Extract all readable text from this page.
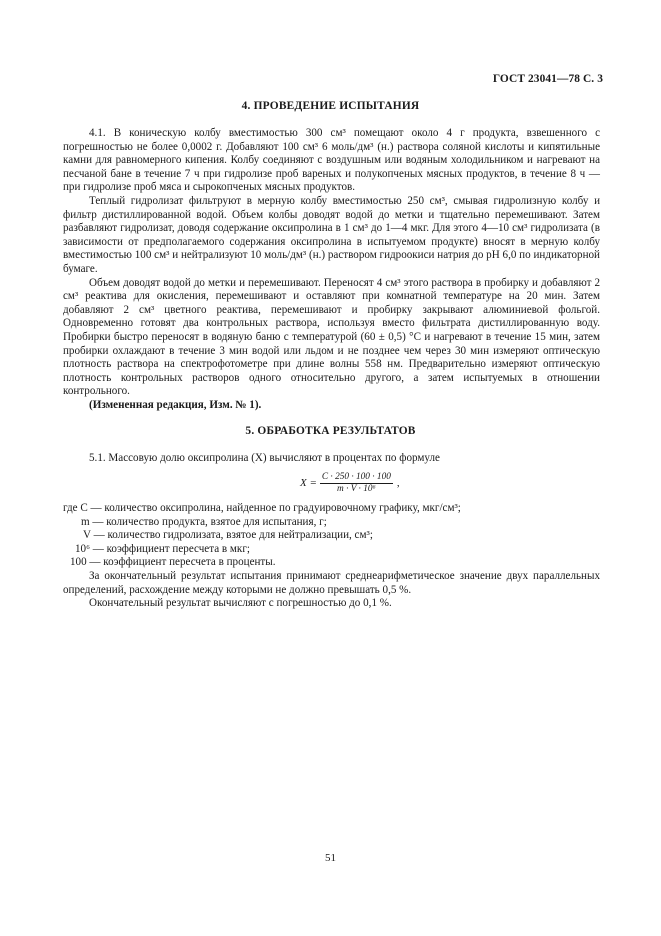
ГОСТ 23041—78 С. 3
4. ПРОВЕДЕНИЕ ИСПЫТАНИЯ

4.1. В коническую колбу вместимостью 300 см³ помещают около 4 г продукта, взвешенного с погрешностью не более 0,0002 г. Добавляют 100 см³ 6 моль/дм³ (н.) раствора соляной кислоты и кипятильные камни для равномерного кипения. Колбу соединяют с воздушным или водяным холодильником и нагревают на песчаной бане в течение 7 ч при гидролизе проб вареных и полукопченых мясных продуктов, в течение 8 ч — при гидролизе проб мяса и сырокопченых мясных продуктов.

Теплый гидролизат фильтруют в мерную колбу вместимостью 250 см³, смывая гидролизную колбу и фильтр дистиллированной водой. Объем колбы доводят водой до метки и тщательно перемешивают. Затем разбавляют гидролизат, доводя содержание оксипролина в 1 см³ до 1—4 мкг. Для этого 4—10 см³ гидролизата (в зависимости от предполагаемого содержания оксипролина в испытуемом продукте) вносят в мерную колбу вместимостью 100 см³ и нейтрализуют 10 моль/дм³ (н.) раствором гидроокиси натрия до pH 6,0 по индикаторной бумаге.

Объем доводят водой до метки и перемешивают. Переносят 4 см³ этого раствора в пробирку и добавляют 2 см³ реактива для окисления, перемешивают и оставляют при комнатной температуре на 20 мин. Затем добавляют 2 см³ цветного реактива, перемешивают и пробирку закрывают алюминиевой фольгой. Одновременно готовят два контрольных раствора, используя вместо фильтрата дистиллированную воду. Пробирки быстро переносят в водяную баню с температурой (60 ± 0,5) °С и нагревают в течение 15 мин, затем пробирки охлаждают в течение 3 мин водой или льдом и не позднее чем через 30 мин измеряют оптическую плотность раствора на спектрофотометре при длине волны 558 нм. Предварительно измеряют оптическую плотность контрольных растворов одного относительно другого, а затем испытуемых в отношении контрольного.

(Измененная редакция, Изм. № 1).

5. ОБРАБОТКА РЕЗУЛЬТАТОВ

5.1. Массовую долю оксипролина (X) вычисляют в процентах по формуле

$X = \frac{C \cdot 250 \cdot 100 \cdot 100}{\text{m · V · 10⁶}}$ ,
где C — количество оксипролина, найденное по градуировочному графику, мкг/см³;
m — количество продукта, взятое для испытания, г;
V — количество гидролизата, взятое для нейтрализации, см³;
10⁶ — коэффициент пересчета в мкг;
100 — коэффициент пересчета в проценты.

За окончательный результат испытания принимают среднеарифметическое значение двух параллельных определений, расхождение между которыми не должно превышать 0,5 %.

Окончательный результат вычисляют с погрешностью до 0,1 %.

51
